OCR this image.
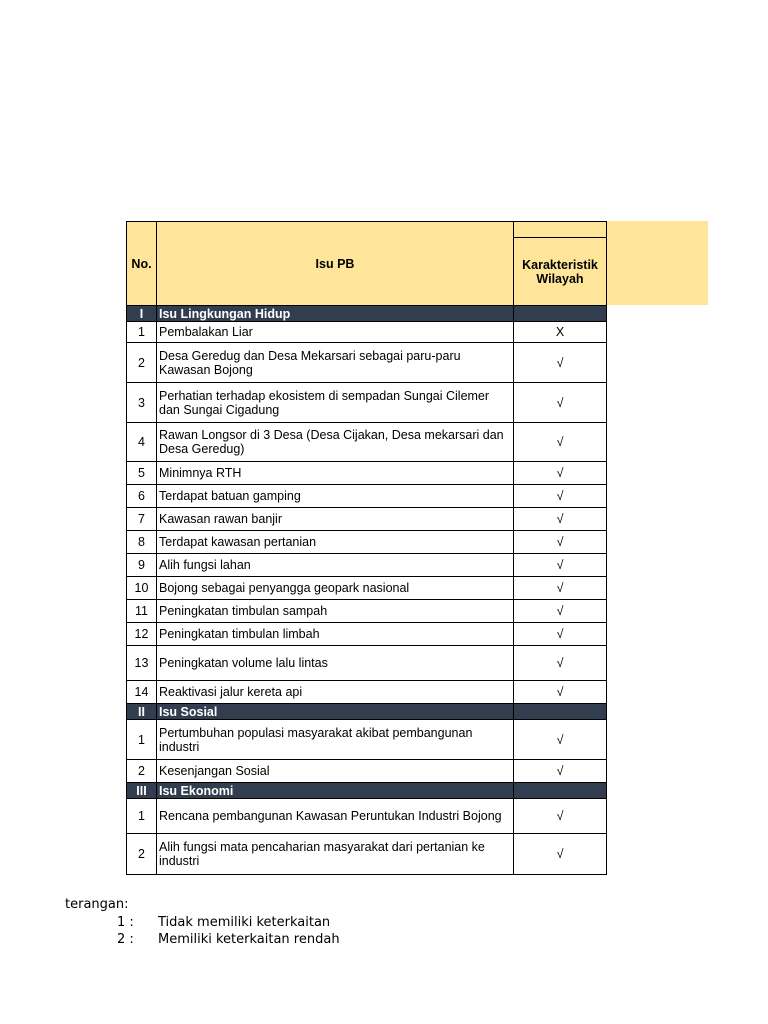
No.	Isu PB	
		Karakteristik Wilayah
I	Isu Lingkungan Hidup	
1	Pembalakan Liar	X
2	Desa Geredug dan Desa Mekarsari sebagai paru-paru Kawasan Bojong	√
3	Perhatian terhadap ekosistem di sempadan Sungai Cilemer dan Sungai Cigadung	√
4	Rawan Longsor di 3 Desa (Desa Cijakan, Desa mekarsari dan Desa Geredug)	√
5	Minimnya RTH	√
6	Terdapat batuan gamping	√
7	Kawasan rawan banjir	√
8	Terdapat kawasan pertanian	√
9	Alih fungsi lahan	√
10	Bojong sebagai penyangga geopark nasional	√
11	Peningkatan timbulan sampah	√
12	Peningkatan timbulan limbah	√
13	Peningkatan volume lalu lintas	√
14	Reaktivasi jalur kereta api	√
II	Isu Sosial	
1	Pertumbuhan populasi masyarakat akibat pembangunan industri	√
2	Kesenjangan Sosial	√
III	Isu Ekonomi	
1	Rencana pembangunan Kawasan Peruntukan Industri Bojong	√
2	Alih fungsi mata pencaharian masyarakat dari pertanian ke industri	√
terangan:
1 :	Tidak memiliki keterkaitan
2 :	Memiliki keterkaitan rendah
